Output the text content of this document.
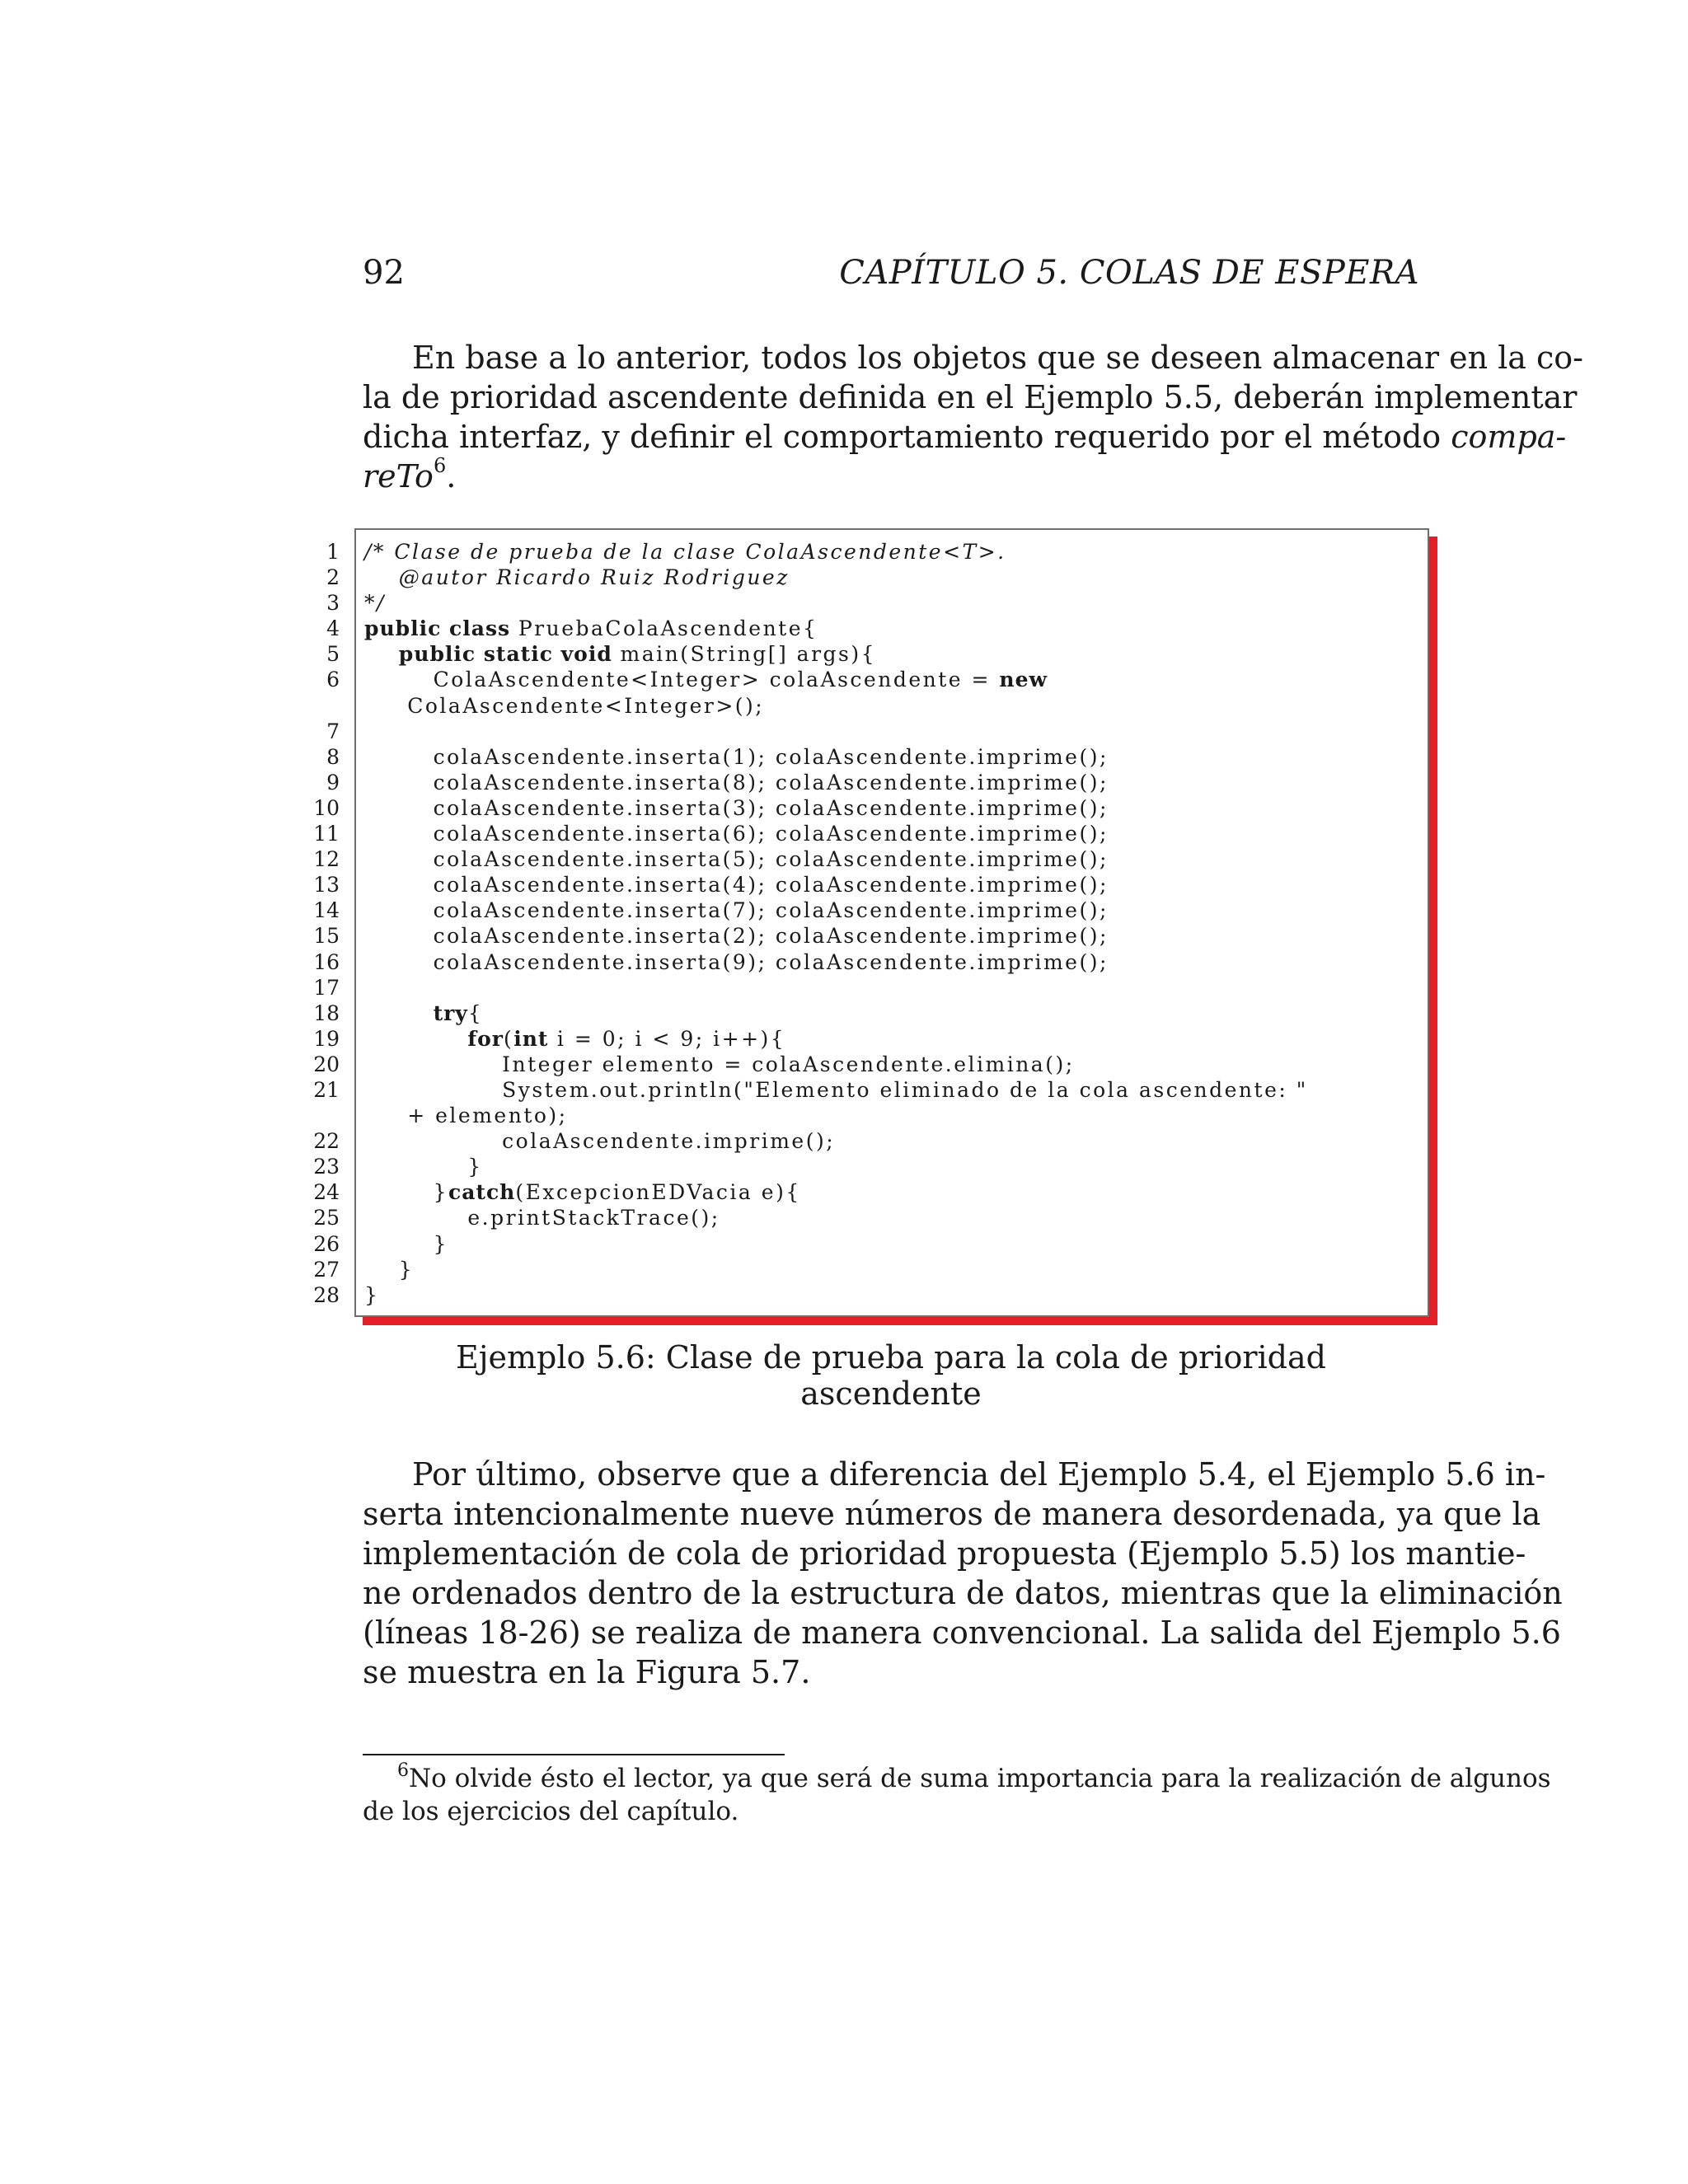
92	CAPÍTULO 5. COLAS DE ESPERA
En base a lo anterior, todos los objetos que se deseen almacenar en la co-
la de prioridad ascendente definida en el Ejemplo 5.5, deberán implementar
dicha interfaz, y definir el comportamiento requerido por el método compa-
reTo$^6$.
1
2
3
4
5
6
7
8
9
10
11
12
13
14
15
16
17
18
19
20
21
22
23
24
25
26
27
28
/* Clase de prueba de la clase ColaAscendente<T>.
@autor Ricardo Ruiz Rodriguez
*/
public class PruebaColaAscendente{
public static void main(String[] args){
ColaAscendente<Integer> colaAscendente = new
ColaAscendente<Integer>();
colaAscendente.inserta(1); colaAscendente.imprime();
colaAscendente.inserta(8); colaAscendente.imprime();
colaAscendente.inserta(3); colaAscendente.imprime();
colaAscendente.inserta(6); colaAscendente.imprime();
colaAscendente.inserta(5); colaAscendente.imprime();
colaAscendente.inserta(4); colaAscendente.imprime();
colaAscendente.inserta(7); colaAscendente.imprime();
colaAscendente.inserta(2); colaAscendente.imprime();
colaAscendente.inserta(9); colaAscendente.imprime();
try{
for(int i = 0; i < 9; i++){
Integer elemento = colaAscendente.elimina();
System.out.println("Elemento eliminado de la cola ascendente: "
+ elemento);
colaAscendente.imprime();
}
}catch(ExcepcionEDVacia e){
e.printStackTrace();
}
}
}
Ejemplo 5.6: Clase de prueba para la cola de prioridad ascendente
Por último, observe que a diferencia del Ejemplo 5.4, el Ejemplo 5.6 in-
serta intencionalmente nueve números de manera desordenada, ya que la
implementación de cola de prioridad propuesta (Ejemplo 5.5) los mantie-
ne ordenados dentro de la estructura de datos, mientras que la eliminación
(líneas 18-26) se realiza de manera convencional. La salida del Ejemplo 5.6
se muestra en la Figura 5.7.
$^6$No olvide ésto el lector, ya que será de suma importancia para la realización de algunos
de los ejercicios del capítulo.
